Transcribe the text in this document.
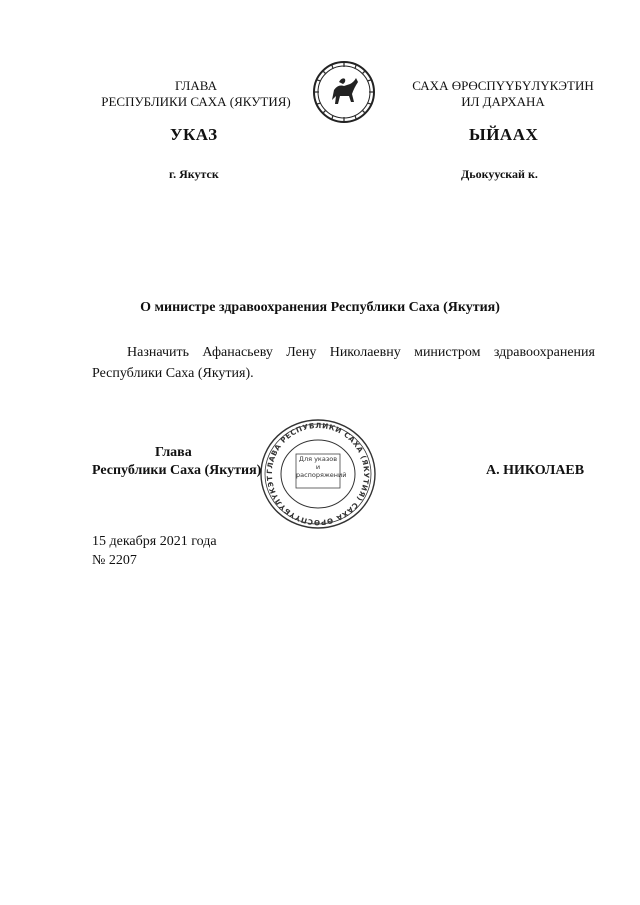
ГЛАВА
РЕСПУБЛИКИ САХА (ЯКУТИЯ)
САХА ӨРӨСПҮҮБҮЛҮКЭТИН
ИЛ ДАРХАНА
УКАЗ	ЫЙААХ
г. Якутск	Дьокуускай к.
О министре здравоохранения Республики Саха (Якутия)
Назначить Афанасьеву Лену Николаевну министром здравоохранения Республики Саха (Якутия).
ГЛАВА РЕСПУБЛИКИ САХА (ЯКУТИЯ) САХА ӨРӨСПҮҮБҮЛҮКЭТ
Для указов и распоряжений
Глава
Республики Саха (Якутия)	А. НИКОЛАЕВ
15 декабря 2021 года
№ 2207
